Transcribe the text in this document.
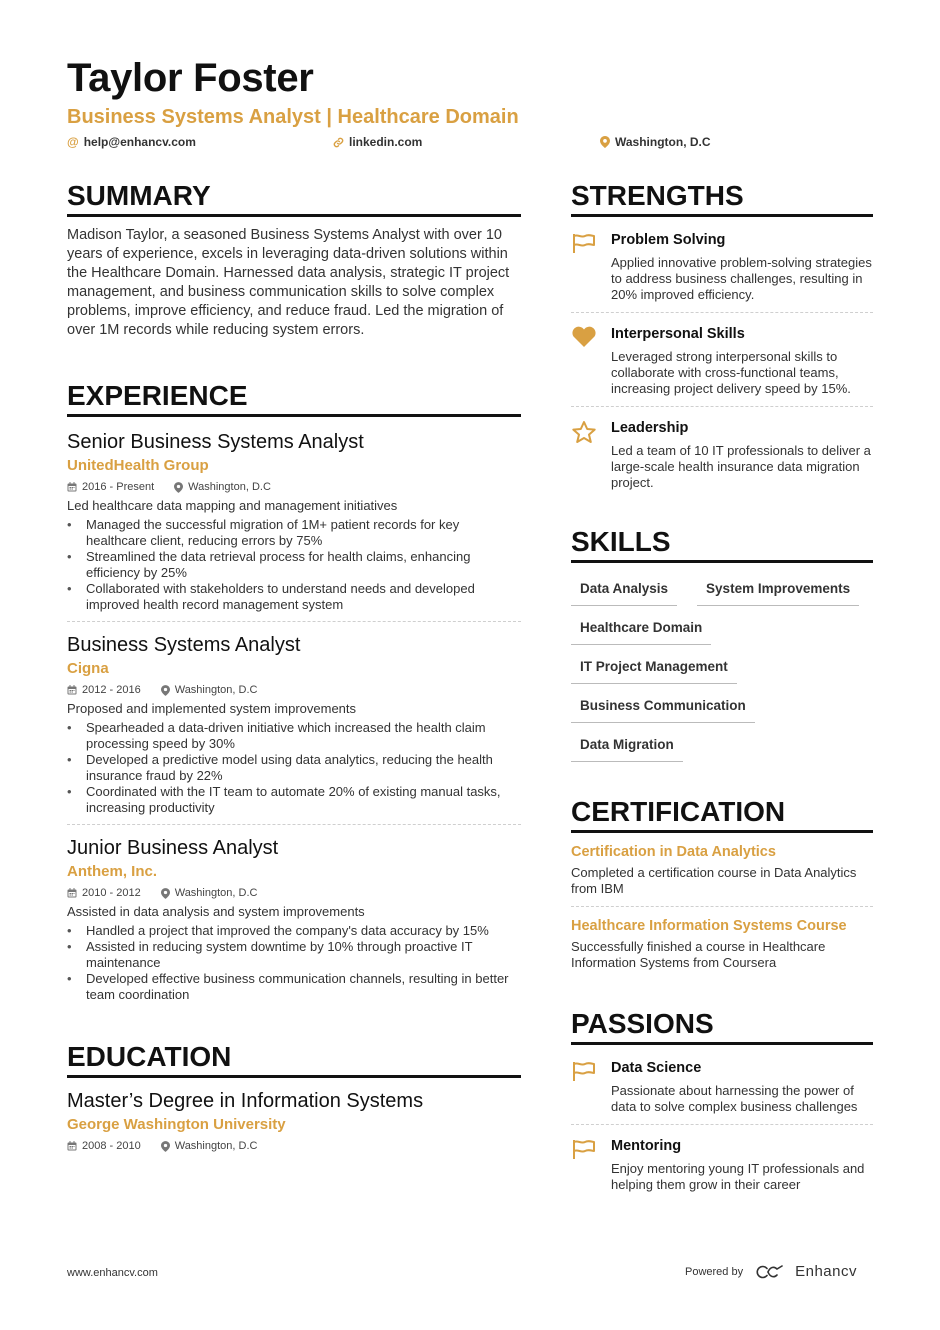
Taylor Foster
Business Systems Analyst | Healthcare Domain
@ help@enhancv.com	linkedin.com	Washington, D.C
SUMMARY
Madison Taylor, a seasoned Business Systems Analyst with over 10 years of experience, excels in leveraging data-driven solutions within the Healthcare Domain. Harnessed data analysis, strategic IT project management, and business communication skills to solve complex problems, improve efficiency, and reduce fraud. Led the migration of over 1M records while reducing system errors.
EXPERIENCE
Senior Business Systems Analyst
UnitedHealth Group
2016 - Present	Washington, D.C
Led healthcare data mapping and management initiatives
• Managed the successful migration of 1M+ patient records for key healthcare client, reducing errors by 75%
• Streamlined the data retrieval process for health claims, enhancing efficiency by 25%
• Collaborated with stakeholders to understand needs and developed improved health record management system
Business Systems Analyst
Cigna
2012 - 2016	Washington, D.C
Proposed and implemented system improvements
• Spearheaded a data-driven initiative which increased the health claim processing speed by 30%
• Developed a predictive model using data analytics, reducing the health insurance fraud by 22%
• Coordinated with the IT team to automate 20% of existing manual tasks, increasing productivity
Junior Business Analyst
Anthem, Inc.
2010 - 2012	Washington, D.C
Assisted in data analysis and system improvements
• Handled a project that improved the company's data accuracy by 15%
• Assisted in reducing system downtime by 10% through proactive IT maintenance
• Developed effective business communication channels, resulting in better team coordination
EDUCATION
Master’s Degree in Information Systems
George Washington University
2008 - 2010	Washington, D.C
STRENGTHS
Problem Solving
Applied innovative problem-solving strategies to address business challenges, resulting in 20% improved efficiency.
Interpersonal Skills
Leveraged strong interpersonal skills to collaborate with cross-functional teams, increasing project delivery speed by 15%.
Leadership
Led a team of 10 IT professionals to deliver a large-scale health insurance data migration project.
SKILLS
Data Analysis	System Improvements
Healthcare Domain
IT Project Management
Business Communication
Data Migration
CERTIFICATION
Certification in Data Analytics
Completed a certification course in Data Analytics from IBM
Healthcare Information Systems Course
Successfully finished a course in Healthcare Information Systems from Coursera
PASSIONS
Data Science
Passionate about harnessing the power of data to solve complex business challenges
Mentoring
Enjoy mentoring young IT professionals and helping them grow in their career
www.enhancv.com	Powered by	Enhancv
